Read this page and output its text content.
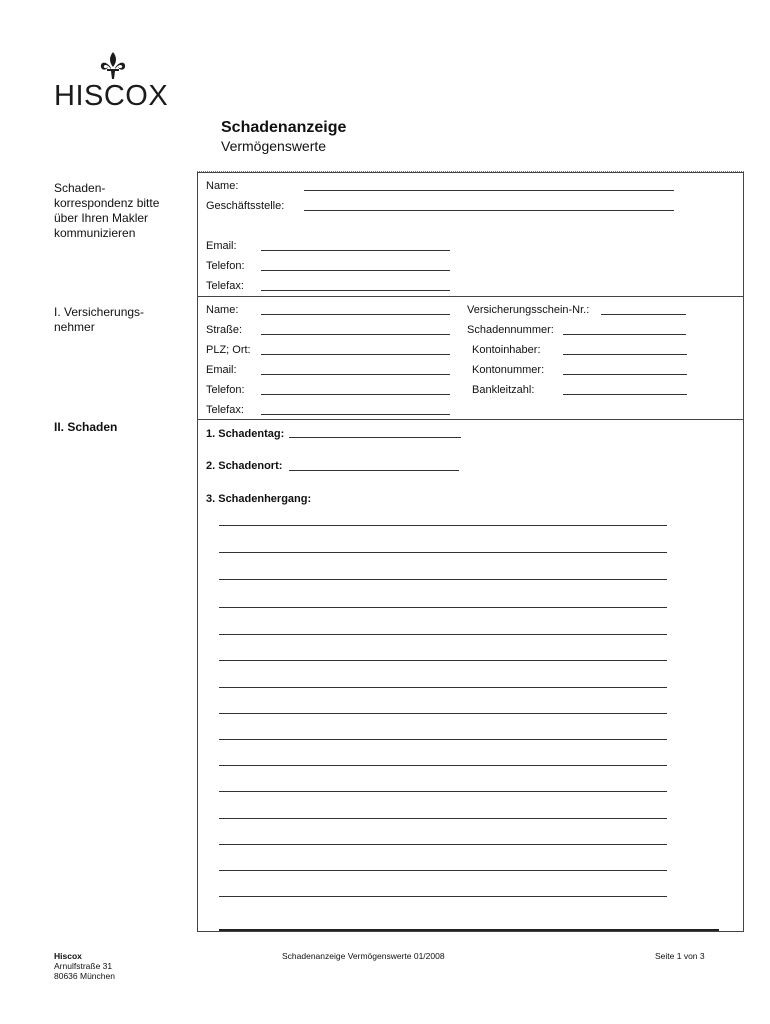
HISCOX
Schadenanzeige
Vermögenswerte
Schaden-
korrespondenz bitte
über Ihren Makler
kommunizieren
I. Versicherungs-
nehmer
II. Schaden
Name:
Geschäftsstelle:
Email:
Telefon:
Telefax:
Name:
Straße:
PLZ; Ort:
Email:
Telefon:
Telefax:
Versicherungsschein-Nr.:
Schadennummer:
Kontoinhaber:
Kontonummer:
Bankleitzahl:
1. Schadentag:
2. Schadenort:
3. Schadenhergang:
Hiscox
Arnulfstraße 31
80636 München
Schadenanzeige Vermögenswerte 01/2008	Seite 1 von 3
